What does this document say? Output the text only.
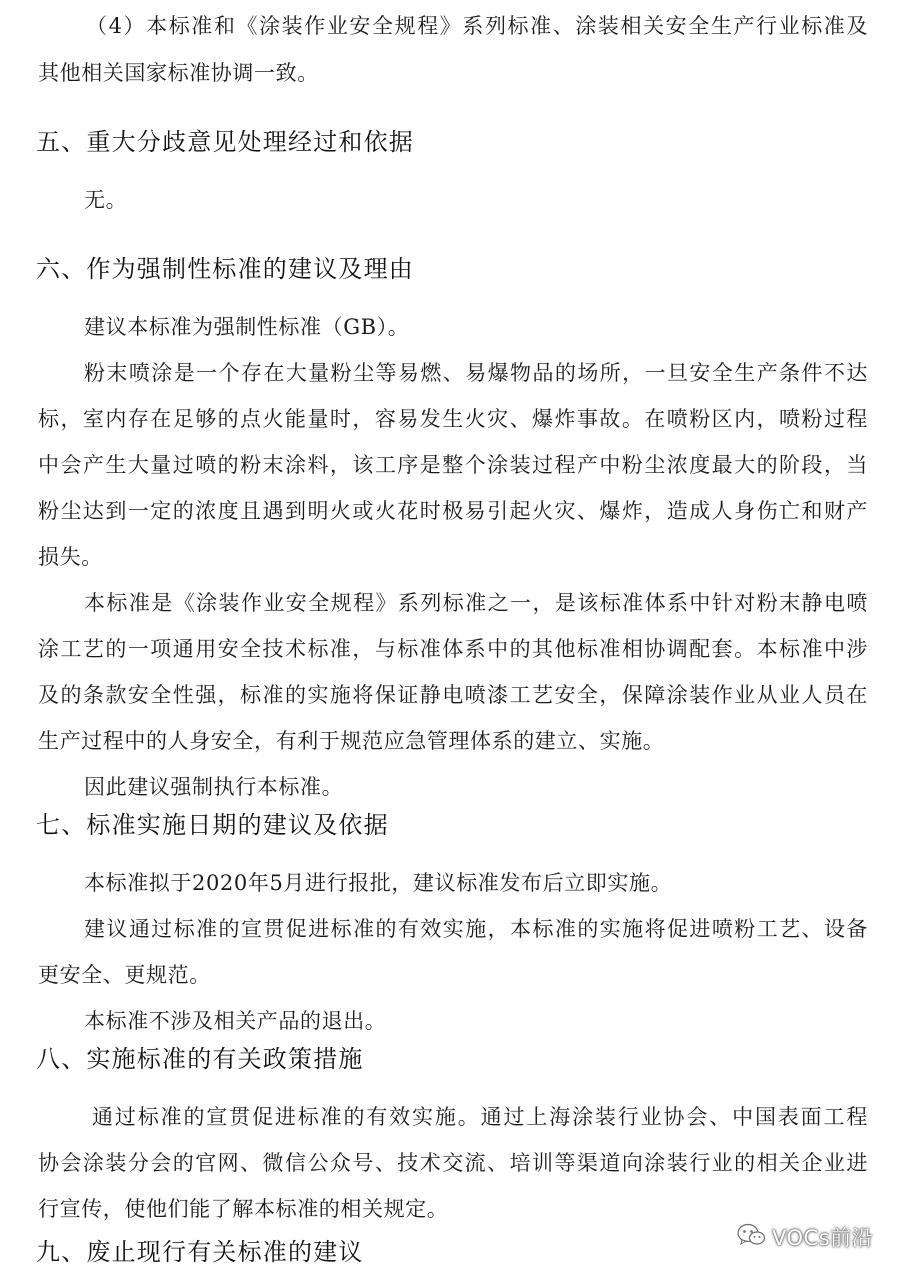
（4）本标准和《涂装作业安全规程》系列标准、涂装相关安全生产行业标准及
其他相关国家标准协调一致。
五、重大分歧意见处理经过和依据
无。
六、作为强制性标准的建议及理由
建议本标准为强制性标准（GB）。
粉末喷涂是一个存在大量粉尘等易燃、易爆物品的场所，一旦安全生产条件不达
标，室内存在足够的点火能量时，容易发生火灾、爆炸事故。在喷粉区内，喷粉过程
中会产生大量过喷的粉末涂料，该工序是整个涂装过程产中粉尘浓度最大的阶段，当
粉尘达到一定的浓度且遇到明火或火花时极易引起火灾、爆炸，造成人身伤亡和财产
损失。
本标准是《涂装作业安全规程》系列标准之一，是该标准体系中针对粉末静电喷
涂工艺的一项通用安全技术标准，与标准体系中的其他标准相协调配套。本标准中涉
及的条款安全性强，标准的实施将保证静电喷漆工艺安全，保障涂装作业从业人员在
生产过程中的人身安全，有利于规范应急管理体系的建立、实施。
因此建议强制执行本标准。
七、标准实施日期的建议及依据
本标准拟于2020年5月进行报批，建议标准发布后立即实施。
建议通过标准的宣贯促进标准的有效实施，本标准的实施将促进喷粉工艺、设备
更安全、更规范。
本标准不涉及相关产品的退出。
八、实施标准的有关政策措施
通过标准的宣贯促进标准的有效实施。通过上海涂装行业协会、中国表面工程
协会涂装分会的官网、微信公众号、技术交流、培训等渠道向涂装行业的相关企业进
行宣传，使他们能了解本标准的相关规定。
九、废止现行有关标准的建议	VOCs前沿
